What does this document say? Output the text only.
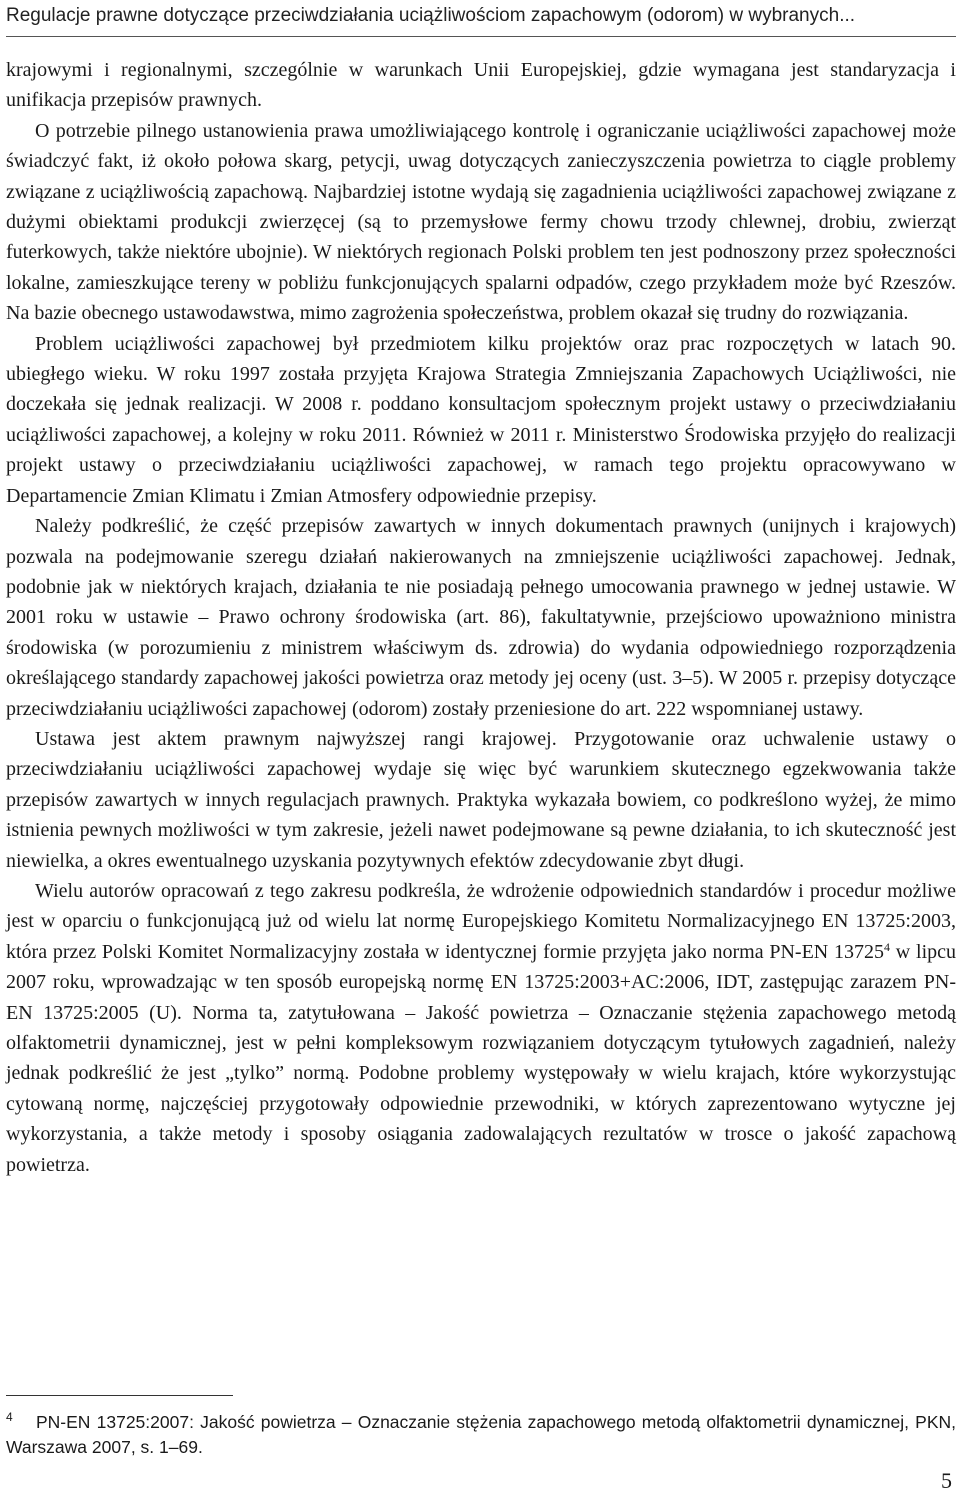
Regulacje prawne dotyczące przeciwdziałania uciążliwościom zapachowym (odorom) w wybranych...

krajowymi i regionalnymi, szczególnie w warunkach Unii Europejskiej, gdzie wymagana jest standaryzacja i unifikacja przepisów prawnych.

O potrzebie pilnego ustanowienia prawa umożliwiającego kontrolę i ograniczanie uciążliwości zapachowej może świadczyć fakt, iż około połowa skarg, petycji, uwag dotyczących zanieczyszczenia powietrza to ciągle problemy związane z uciążliwością zapachową. Najbardziej istotne wydają się zagadnienia uciążliwości zapachowej związane z dużymi obiektami produkcji zwierzęcej (są to przemysłowe fermy chowu trzody chlewnej, drobiu, zwierząt futerkowych, także niektóre ubojnie). W niektórych regionach Polski problem ten jest podnoszony przez społeczności lokalne, zamieszkujące tereny w pobliżu funkcjonujących spalarni odpadów, czego przykładem może być Rzeszów. Na bazie obecnego ustawodawstwa, mimo zagrożenia społeczeństwa, problem okazał się trudny do rozwiązania.

Problem uciążliwości zapachowej był przedmiotem kilku projektów oraz prac rozpoczętych w latach 90. ubiegłego wieku. W roku 1997 została przyjęta Krajowa Strategia Zmniejszania Zapachowych Uciążliwości, nie doczekała się jednak realizacji. W 2008 r. poddano konsultacjom społecznym projekt ustawy o przeciwdziałaniu uciążliwości zapachowej, a kolejny w roku 2011. Również w 2011 r. Ministerstwo Środowiska przyjęło do realizacji projekt ustawy o przeciwdziałaniu uciążliwości zapachowej, w ramach tego projektu opracowywano w Departamencie Zmian Klimatu i Zmian Atmosfery odpowiednie przepisy.

Należy podkreślić, że część przepisów zawartych w innych dokumentach prawnych (unijnych i krajowych) pozwala na podejmowanie szeregu działań nakierowanych na zmniejszenie uciążliwości zapachowej. Jednak, podobnie jak w niektórych krajach, działania te nie posiadają pełnego umocowania prawnego w jednej ustawie. W 2001 roku w ustawie – Prawo ochrony środowiska (art. 86), fakultatywnie, przejściowo upoważniono ministra środowiska (w porozumieniu z ministrem właściwym ds. zdrowia) do wydania odpowiedniego rozporządzenia określającego standardy zapachowej jakości powietrza oraz metody jej oceny (ust. 3–5). W 2005 r. przepisy dotyczące przeciwdziałaniu uciążliwości zapachowej (odorom) zostały przeniesione do art. 222 wspomnianej ustawy.

Ustawa jest aktem prawnym najwyższej rangi krajowej. Przygotowanie oraz uchwalenie ustawy o przeciwdziałaniu uciążliwości zapachowej wydaje się więc być warunkiem skutecznego egzekwowania także przepisów zawartych w innych regulacjach prawnych. Praktyka wykazała bowiem, co podkreślono wyżej, że mimo istnienia pewnych możliwości w tym zakresie, jeżeli nawet podejmowane są pewne działania, to ich skuteczność jest niewielka, a okres ewentualnego uzyskania pozytywnych efektów zdecydowanie zbyt długi.

Wielu autorów opracowań z tego zakresu podkreśla, że wdrożenie odpowiednich standardów i procedur możliwe jest w oparciu o funkcjonującą już od wielu lat normę Europejskiego Komitetu Normalizacyjnego EN 13725:2003, która przez Polski Komitet Normalizacyjny została w identycznej formie przyjęta jako norma PN-EN 13725$^4$ w lipcu 2007 roku, wprowadzając w ten sposób europejską normę EN 13725:2003+AC:2006, IDT, zastępując zarazem PN-EN 13725:2005 (U). Norma ta, zatytułowana – Jakość powietrza – Oznaczanie stężenia zapachowego metodą olfaktometrii dynamicznej, jest w pełni kompleksowym rozwiązaniem dotyczącym tytułowych zagadnień, należy jednak podkreślić że jest „tylko” normą. Podobne problemy występowały w wielu krajach, które wykorzystując cytowaną normę, najczęściej przygotowały odpowiednie przewodniki, w których zaprezentowano wytyczne jej wykorzystania, a także metody i sposoby osiągania zadowalających rezultatów w trosce o jakość zapachową powietrza.

$^4$ PN-EN 13725:2007: Jakość powietrza – Oznaczanie stężenia zapachowego metodą olfaktometrii dynamicznej, PKN, Warszawa 2007, s. 1–69.
5
